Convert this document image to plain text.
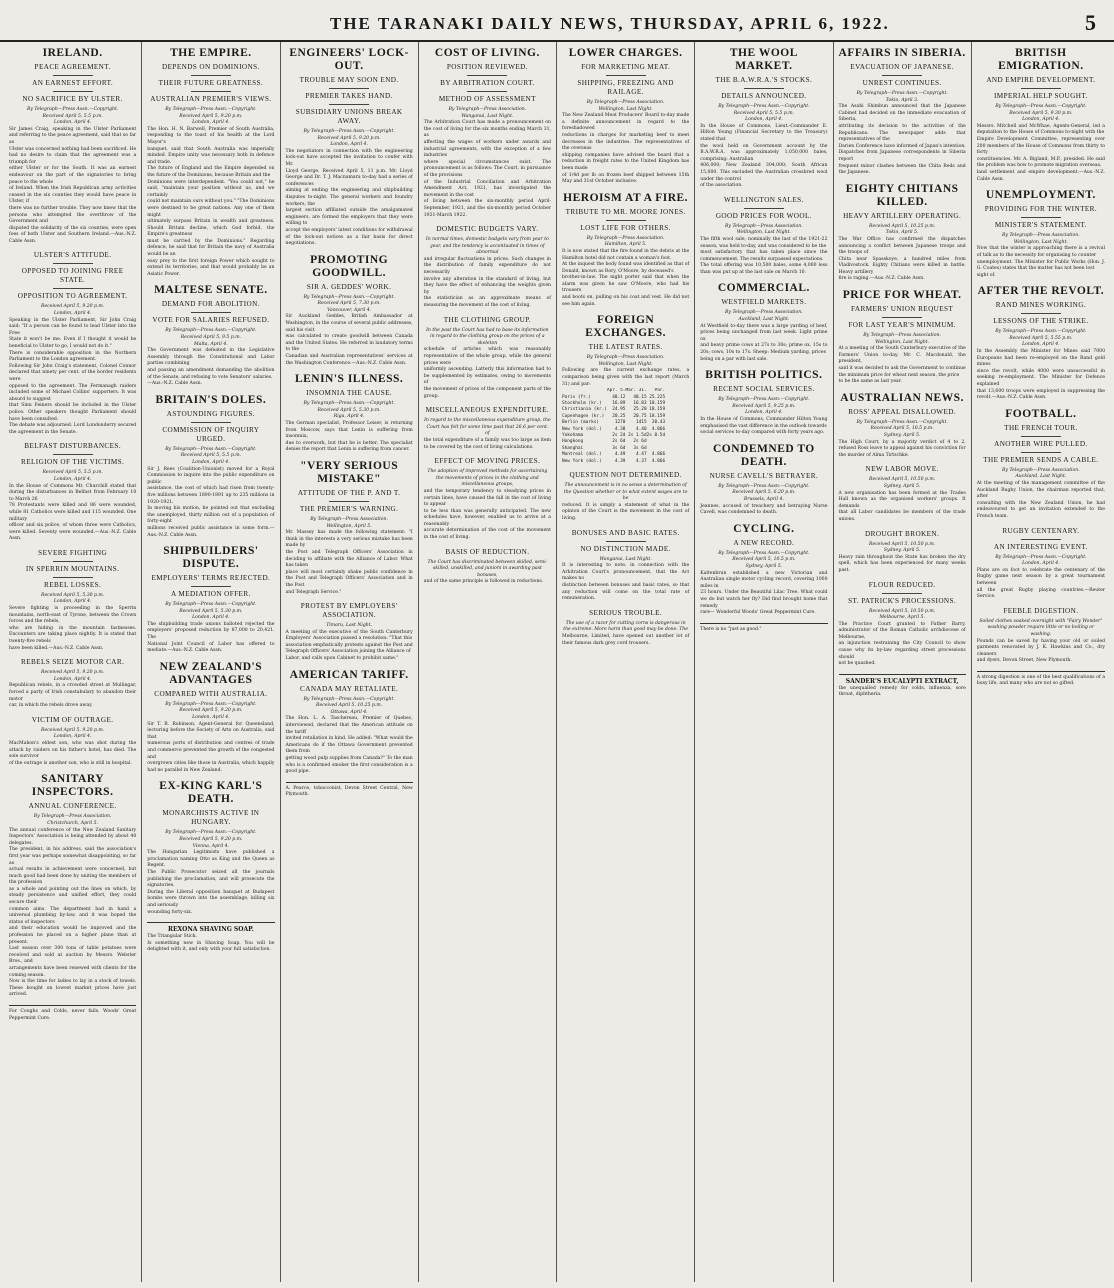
THE TARANAKI DAILY NEWS, THURSDAY, APRIL 6, 1922.	5
IRELAND.
PEACE AGREEMENT.
AN EARNEST EFFORT.
NO SACRIFICE BY ULSTER.
By Telegraph—Press Assn.—Copyright.
Received April 5, 5.5 p.m.
London, April 4.
Sir James Craig, speaking in the Ulster Parliament and referring to the peace agreement, said that so far as
Ulster was concerned nothing had been sacrificed. He had no desire to claim that the agreement was a triumph for
either Ulster or for the South. It was an earnest endeavour on the part of the signatories to bring peace to the whole
of Ireland. When the Irish Republican army activities ceased in the six counties they would have peace in Ulster, if
there was no further trouble. They now knew that the persons who attempted the overthrow of the Government and
disputed the solidarity of the six counties, were open foes of both Ulster and Southern Ireland.—Aus.-N.Z. Cable Assn.
ULSTER'S ATTITUDE.
OPPOSED TO JOINING FREE STATE.
OPPOSITION TO AGREEMENT.
Received April 5, 9.20 p.m.
London, April 4.
Speaking in the Ulster Parliament, Sir John Craig said: "If a person can be found to lead Ulster into the Free
State it won't be me. Even if I thought it would be beneficial to Ulster to go, I would not do it."
There is considerable opposition in the Northern Parliament to the London agreement.
Following Sir John Craig's statement, Colonel Connor declared that ninety per cent. of the border residents were
opposed to the agreement. The Fermanagh raiders included some of Michael Collins' supporters. It was absurd to suggest
that Sinn Feiners should be included in the Ulster police. Other speakers thought Parliament should have been consulted.
The debate was adjourned. Lord Londonderry secured the agreement in the Senate.
BELFAST DISTURBANCES.
RELIGION OF THE VICTIMS.
Received April 5, 5.5 p.m.
London, April 4.
In the House of Commons Mr. Churchill stated that during the disturbances in Belfast from February 10 to March 26
78 Protestants were killed and 86 were wounded, while 81 Catholics were killed and 115 wounded. One military
officer and six police, of whom three were Catholics, were killed. Seventy were wounded.—Aus.-N.Z. Cable Assn.
SEVERE FIGHTING
IN SPERRIN MOUNTAINS.
REBEL LOSSES.
Received April 5, 5.30 p.m.
London, April 4.
Severe fighting is proceeding in the Sperrin mountains, north-east of Tyrone, between the Crown forces and the rebels,
who are hiding in the mountain fastnesses. Encounters are taking place nightly. It is stated that twenty-five rebels
have been killed.—Aus.-N.Z. Cable Assn.
REBELS SEIZE MOTOR CAR.
Received April 5, 9.20 p.m.
London, April 4.
Republican rebels, in a crowded street at Mullingar, forced a party of Irish constabulary to abandon their motor
car, in which the rebels drove away.
VICTIM OF OUTRAGE.
Received April 5, 9.20 p.m.
London, April 4.
MacMahon's eldest son, who was shot during the attack by raiders on his father's hotel, has died. The sole survivor
of the outrage is another son, who is still in hospital.
SANITARY INSPECTORS.
ANNUAL CONFERENCE.
By Telegraph—Press Association.
Christchurch, April 5.
The annual conference of the New Zealand Sanitary Inspectors' Association is being attended by about 40 delegates.
The president, in his address, said the association's first year was perhaps somewhat disappointing, so far as
actual results in achievement were concerned, but much good had been done by uniting the members of the profession
as a whole and pointing out the lines on which, by steady persistence and unified effort, they could secure their
common aims. The department had in hand a universal plumbing by-law, and it was hoped the status of inspectors
and their education would be improved and the profession be placed on a higher plane than at present.
Last season over 300 tons of table potatoes were received and sold at auction by Messrs. Webster Bros., and
arrangements have been renewed with clients for the coming season.
Now is the time for ladies to lay in a stock of towels. These bought on lowest market prices have just arrived.
For Coughs and Colds, never fails. Woods' Great Peppermint Cure.
THE EMPIRE.
DEPENDS ON DOMINIONS.
THEIR FUTURE GREATNESS.
AUSTRALIAN PREMIER'S VIEWS.
By Telegraph—Press Assn.—Copyright.
Received April 5, 9.20 p.m.
London, April 4.
The Hon. H. N. Barwell, Premier of South Australia, responding to the toast of his health at the Lord Mayor's
banquet, said that South Australia was imperially minded. Empire unity was necessary both in defence and trade.
The future of England and the Empire depended on the future of the Dominions, because Britain and the
Dominions were interdependent. "You could not," he said, "maintain your position without us, and we certainly
could not maintain ours without you." "The Dominions were destined to be great nations. Any one of them might
ultimately surpass Britain in wealth and greatness. Should Britain decline, which God forbid, the Empire's greatness
must be carried by the Dominions." Regarding defence, he said that for Britain the navy of Australia would be an
easy prey to the first foreign Power which sought to extend its territories, and that would probably be an Asiatic Power.
MALTESE SENATE.
DEMAND FOR ABOLITION.
VOTE FOR SALARIES REFUSED.
By Telegraph—Press Assn.—Copyright.
Received April 5, 9.5 p.m.
Malta, April 4.
The Government was defeated in the Legislative Assembly through the Constitutional and Labor parties combining
and passing an amendment demanding the abolition of the Senate, and refusing to vote Senators' salaries.
—Aus.-N.Z. Cable Assn.
BRITAIN'S DOLES.
ASTOUNDING FIGURES.
COMMISSION OF INQUIRY URGED.
By Telegraph—Press Assn.—Copyright.
Received April 5, 5.5 p.m.
London, April 4.
Sir J. Rees (Coalition-Unionist) moved for a Royal Commission to inquire into the public expenditure on public
assistance, the cost of which had risen from twenty-five millions between 1890-1891 up to 235 millions in 1920-1921.
In moving his motion, he pointed out that excluding the unemployed, thirty million out of a population of forty-eight
millions received public assistance in some form.—Aus.-N.Z. Cable Assn.
SHIPBUILDERS' DISPUTE.
EMPLOYERS' TERMS REJECTED.
A MEDIATION OFFER.
By Telegraph—Press Assn.—Copyright.
Received April 5, 5.30 p.m.
London, April 4.
The shipbuilding trade unions balloted rejected the employers' proposed reduction by 87,000 to 20,421. The
National Joint Council of Labor has offered to mediate.—Aus.-N.Z. Cable Assn.
NEW ZEALAND'S ADVANTAGES
COMPARED WITH AUSTRALIA.
By Telegraph—Press Assn.—Copyright.
Received April 5, 9.20 p.m.
London, April 4.
Sir T. R. Robinson, Agent-General for Queensland, lecturing before the Society of Arts on Australia, said that
numerous ports of distribution and centres of trade and commerce prevented the growth of the congested and
overgrown cities like those in Australia, which happily had no parallel in New Zealand.
EX-KING KARL'S DEATH.
MONARCHISTS ACTIVE IN HUNGARY.
By Telegraph—Press Assn.—Copyright.
Received April 5, 9.20 p.m.
Vienna, April 4.
The Hungarian Legitimists have published a proclamation naming Otto as King and the Queen as Regent.
The Public Prosecutor seized all the journals publishing the proclamation, and will prosecute the signatories.
During the Liberal opposition banquet at Budapest bombs were thrown into the assemblage, killing six and seriously
wounding forty-six.
REXONA SHAVING SOAP.
The Triangular Stick.
Is something new in Shaving Soap. You will be delighted with it, and only with your full satisfaction.
ENGINEERS' LOCK-OUT.
TROUBLE MAY SOON END.
PREMIER TAKES HAND.
SUBSIDIARY UNIONS BREAK AWAY.
By Telegraph—Press Assn.—Copyright.
Received April 5, 9.20 p.m.
London, April 4.
The negotiators in connection with the engineering lock-out have accepted the invitation to confer with Mr.
Lloyd George. Received April 5, 11 p.m. Mr. Lloyd George and Dr. T. J. Macnamara to-day had a series of conferences
aiming at ending the engineering and shipbuilding disputes to-night. The general workers and foundry workers, the
largest section affiliated outside the amalgamated engineers, are formed the employers that they were willing to
accept the employers' latest conditions for withdrawal of the lock-out notices as a fair basis for direct negotiations.
PROMOTING GOODWILL.
SIR A. GEDDES' WORK.
By Telegraph—Press Assn.—Copyright.
Received April 5, 7.30 p.m.
Vancouver, April 4.
Sir Auckland Geddes, British Ambassador at Washington, in the course of several public addresses, said his visit
was calculated to create goodwill between Canada and the United States. He referred in laudatory terms to the
Canadian and Australian representatives' services at the Washington Conference.—Aus.-N.Z. Cable Assn.
LENIN'S ILLNESS.
INSOMNIA THE CAUSE.
By Telegraph—Press Assn.—Copyright.
Received April 5, 5.30 p.m.
Riga, April 4.
The German specialist, Professor Leiser, is returning from Moscow, says that Lenin is suffering from insomnia,
due to overwork, but that he is better. The specialist denies the report that Lenin is suffering from cancer.
"VERY SERIOUS MISTAKE"
ATTITUDE OF THE P. AND T.
THE PREMIER'S WARNING.
By Telegraph—Press Association.
Wellington, April 5.
Mr. Massey has made the following statement: "I think in the interests a very serious mistake has been made by
the Post and Telegraph Officers' Association in deciding to affiliate with the Alliance of Labor. What has taken
place will most certainly shake public confidence in the Post and Telegraph Officers' Association and in the Post
and Telegraph Service."
PROTEST BY EMPLOYERS' ASSOCIATION.
Timaru, Last Night.
A meeting of the executive of the South Canterbury Employers' Association passed a resolution: "That this
association emphatically protests against the Post and Telegraph Officers' Association joining the Alliance of
Labor, and calls upon Cabinet to prohibit same."
AMERICAN TARIFF.
CANADA MAY RETALIATE.
By Telegraph—Press Assn.—Copyright.
Received April 5, 10.25 p.m.
Ottawa, April 4.
The Hon. L. A. Taschereau, Premier of Quebec, interviewed, declared that the American attitude on the tariff
invited retaliation in kind. He added: "What would the Americans do if the Ottawa Government prevented them from
getting wood pulp supplies from Canada?" To the man who is a confirmed smoker the first consideration is a good pipe.
A. Pearce, tobacconist, Devon Street Central, New Plymouth.
COST OF LIVING.
POSITION REVIEWED.
BY ARBITRATION COURT.
METHOD OF ASSESSMENT
By Telegraph—Press Association.
Wanganui, Last Night.
The Arbitration Court has made a pronouncement on the cost of living for the six months ending March 31, as
affecting the wages of workers under awards and industrial agreements, with the exception of a few industries
where special circumstances exist. The pronouncement is as follows: The Court, in pursuance of the provisions
of the Industrial Conciliation and Arbitration Amendment Act, 1921, has investigated the movement in the cost
of living between the six-monthly period April-September, 1921, and the six-monthly period October 1921-March 1922.
DOMESTIC BUDGETS VARY.
In normal times, domestic budgets vary from year to year, and the tendency is accentuated in times of abnormal
and irregular fluctuations in prices. Such changes in the distribution of family expenditure do not necessarily
involve any alteration in the standard of living, but they have the effect of enhancing the weights given by
the statistician as an approximate means of measuring the movement of the cost of living.
THE CLOTHING GROUP.
In the past the Court has had to base its information in regard to the clothing group on the prices of a skeleton
schedule of articles which was reasonably representative of the whole group, while the general prices were
uniformly ascending. Latterly this information had to be supplemented by estimates, owing to movements of
the movement of prices of the component parts of the group.
MISCELLANEOUS EXPENDITURE.
In regard to the miscellaneous expenditure group, the Court has felt for some time past that 26.6 per cent. of
the total expenditure of a family was too large as item to be covered by the cost of living calculations.
EFFECT OF MOVING PRICES.
The adoption of improved methods for ascertaining the movements of prices in the clothing and miscellaneous groups,
and the temporary tendency to steadying prices in certain lines, have caused the fall in the cost of living to appear
to be less than was generally anticipated. The new schedules have, however, enabled us to arrive at a reasonably
accurate determination of the cost of the movement in the cost of living.
BASIS OF REDUCTION.
The Court has discriminated between skilled, semi-skilled, unskilled, and juniors in awarding past bonuses,
and of the same principle is followed in reductions.
LOWER CHARGES.
FOR MARKETING MEAT.
SHIPPING, FREEZING AND RAILAGE.
By Telegraph—Press Association.
Wellington, Last Night.
The New Zealand Meat Producers' Board to-day made a definite announcement in regard to the foreshadowed
reductions in charges for marketing beef to meet decreases in the industries. The representatives of the overseas
shipping companies have advised the board that a reduction in freight rates to the United Kingdom has been made
of 1/4d per lb on frozen beef shipped between 15th May and 31st October inclusive.
HEROISM AT A FIRE.
TRIBUTE TO MR. MOORE JONES.
LOST LIFE FOR OTHERS.
By Telegraph—Press Association.
Hamilton, April 5.
It is now stated that the fire found in the debris at the Hamilton hotel did not contain a woman's foot.
At the inquest the body found was identified as that of Donald, known as Rory, O'Moore, by deceased's
brother-in-law. The night porter said that when the alarm was given he saw O'Moore, who had his trousers
and boots on, pulling on his coat and vest. He did not see him again.
FOREIGN EXCHANGES.
THE LATEST RATES.
By Telegraph—Press Association.
Wellington, Last Night.
Following are the current exchange rates, a comparison being given with the last report (March 31) and par:
Apr. 5.Mar. 31.   Par.
Paris (fr.)        48.12   48.15 25.225
Stockholm (kr.)    16.89   16.83 18.159
Christiania (kr.)  24.95   25.20 18.159
Copenhagen (kr.)   20.25   20.75 18.159
Berlin (marks)      1270    1415  20.43
New York (dol.)     4.38    4.40  4.866
Yokohama           2s 2d 2s 1.5d2s 0.5d
Hongkong           2s 6d   2s 6d
Shanghai           3s 6d   3s 6d
Montreal (dol.)     4.49    4.47  4.866
New York (dol.)     4.39    4.37  4.866
QUESTION NOT DETERMINED.
The announcement is in no sense a determination of the Question whether or to what extent wages are to be
reduced. It is simply a statement of what in the opinion of the Court is the movement in the cost of living.
BONUSES AND BASIC RATES.
NO DISTINCTION MADE.
Wanganui, Last Night.
It is interesting to note, in connection with the Arbitration Court's pronouncement, that the Act makes no
distinction between bonuses and basic rates, so that any reduction will come on the total rate of remuneration.
SERIOUS TROUBLE.
The use of a razor for cutting corns is dangerous in the extreme. More harm than good may be done. The
Melbourne, Limited, have opened out another lot of their famous dark grey cord trousers.
THE WOOL MARKET.
THE B.A.W.R.A.'S STOCKS.
DETAILS ANNOUNCED.
By Telegraph—Press Assn.—Copyright.
Received April 5, 5.5 p.m.
London, April 4.
In the House of Commons, Lieut.-Commander E. Hilton Young (Financial Secretary to the Treasury) stated that
the wool held on Government account by the B.A.W.R.A. was approximately 1,050,000 bales, comprising: Australian
406,000; New Zealand 304,000; South African 15,000. This excluded the Australian crossbred wool under the control
of the association.
WELLINGTON SALES.
GOOD PRICES FOR WOOL.
By Telegraph—Press Association.
Wellington, Last Night.
The fifth wool sale, nominally the last of the 1921-22 season, was held to-day, and was considered to be the
most satisfactory that has taken place since the commencement. The results surpassed expectations.
The total offering was 10,500 bales, some 4,000 less than was put up at the last sale on March 10.
COMMERCIAL.
WESTFIELD MARKETS.
By Telegraph—Press Association.
Auckland, Last Night.
At Westfield to-day there was a large yarding of beef, prices being unchanged from last week. Light prime ox
and heavy prime cows at 27s to 30s; prime ox, 15s to 20s; cows, 10s to 17s. Sheep: Medium yarding, prices
being on a par with last sale.
BRITISH POLITICS.
RECENT SOCIAL SERVICES.
By Telegraph—Press Assn.—Copyright.
Received April 5, 9.25 p.m.
London, April 4.
In the House of Commons, Commander Hilton Young emphasised the vast difference in the outlook towards
social services to-day compared with forty years ago.
CONDEMNED TO DEATH.
NURSE CAVELL'S BETRAYER.
By Telegraph—Press Assn.—Copyright.
Received April 5, 6.20 p.m.
Brussels, April 4.
Jeannes, accused of treachery and betraying Nurse Cavell, was condemned to death.
CYCLING.
A NEW RECORD.
By Telegraph—Press Assn.—Copyright.
Received April 5, 10.5 p.m.
Sydney, April 5.
Kaltenbrun established a new Victorian and Australian single motor cycling record, covering 1000 miles in
23 hours. Under the Beautiful Lilac Tree. What could we do but watch her fly? Did find brought home that remedy
rare— Wonderful Woods' Great Peppermint Cure.
There is no "just as good."
AFFAIRS IN SIBERIA.
EVACUATION OF JAPANESE.
UNREST CONTINUES.
By Telegraph—Press Assn.—Copyright.
Tokio, April 3.
The Asahi Shimbun announced that the Japanese Cabinet had decided on the immediate evacuation of Siberia,
attributing its decision to the activities of the Republicans. The newspaper adds that representatives of the
Darien Conference have informed of Japan's intention. Dispatches from Japanese correspondents in Siberia report
frequent minor clashes between the Chita Reds and the Japanese.
EIGHTY CHITIANS KILLED.
HEAVY ARTILLERY OPERATING.
Received April 5, 10.25 p.m.
Tokio, April 5.
The War Office has confirmed the dispatches announcing a conflict between Japanese troops and the troops of
Chita near Spasskoye, a hundred miles from Vladivostock. Eighty Chitians were killed in battle. Heavy artillery
fire is raging.—Aus.-N.Z. Cable Assn.
PRICE FOR WHEAT.
FARMERS' UNION REQUEST
FOR LAST YEAR'S MINIMUM.
By Telegraph—Press Association.
Wellington, Last Night.
At a meeting of the South Canterbury executive of the Farmers' Union to-day, Mr. C. Macdonald, the president,
said it was decided to ask the Government to continue the minimum price for wheat next season, the price
to be the same as last year.
AUSTRALIAN NEWS.
ROSS' APPEAL DISALLOWED.
By Telegraph—Press Assn.—Copyright.
Received April 5, 10.5 p.m.
Sydney, April 5.
The High Court, by a majority verdict of 4 to 2, refused Ross leave to appeal against his conviction for
the murder of Alma Tirtschke.
NEW LABOR MOVE.
Received April 5, 10.50 p.m.
Sydney, April 5.
A new organisation has been formed at the Trades Hall known as the organised workers' groups. It demands
that all Labor candidates be members of the trade unions.
DROUGHT BROKEN.
Received April 5, 10.50 p.m.
Sydney, April 5.
Heavy rain throughout the State has broken the dry spell, which has been experienced for many weeks past.
FLOUR REDUCED.
ST. PATRICK'S PROCESSIONS.
Received April 5, 10.50 p.m.
Melbourne, April 5.
The Practice Court granted to Father Barry, administrator of the Roman Catholic archdiocese of Melbourne,
an injunction restraining the City Council to show cause why its by-law regarding street processions should
not be quashed.
SANDER'S EUCALYPTI EXTRACT,
the unequalled remedy for colds, influenza, sore throat, diphtheria.
BRITISH EMIGRATION.
AND EMPIRE DEVELOPMENT.
IMPERIAL HELP SOUGHT.
By Telegraph—Press Assn.—Copyright.
Received April 5, 9.30 p.m.
London, April 4.
Messrs. Mitchell and McWhae, Agents-General, led a deputation to the House of Commons to-night with the
Empire Development Committee, representing over 200 members of the House of Commons from thirty to forty
constituencies. Mr. A. Bigland, M.P., presided. He said the problem was how to promote migration overseas,
land settlement and empire development.—Aus.-N.Z. Cable Assn.
UNEMPLOYMENT.
PROVIDING FOR THE WINTER.
MINISTER'S STATEMENT.
By Telegraph—Press Association.
Wellington, Last Night.
Now that the winter is approaching there is a revival of talk as to the necessity for organising to counter
unemployment. The Minister for Public Works (Hon. J. G. Coates) states that the matter has not been lost
sight of.
AFTER THE REVOLT.
RAND MINES WORKING.
LESSONS OF THE STRIKE.
By Telegraph—Press Assn.—Copyright.
Received April 5, 5.55 p.m.
London, April 4.
In the Assembly the Minister for Mines said 7000 Europeans had been re-employed on the Rand gold mines
since the revolt, while 4000 were unsuccessful in seeking re-employment. The Minister for Defence explained
that 13,600 troops were employed in suppressing the revolt.—Aus.-N.Z. Cable Assn.
FOOTBALL.
THE FRENCH TOUR.
ANOTHER WIRE PULLED.
THE PREMIER SENDS A CABLE.
By Telegraph—Press Association.
Auckland, Last Night.
At the meeting of the management committee of the Auckland Rugby Union, the chairman reported that, after
consulting with the New Zealand Union, he had endeavoured to get an invitation extended to the French team.
RUGBY CENTENARY.
AN INTERESTING EVENT.
By Telegraph—Press Assn.—Copyright.
London, April 4.
Plans are on foot to celebrate the centenary of the Rugby game next season by a great tournament between
all the great Rugby playing countries.—Reuter Service.
FEEBLE DIGESTION.
Soiled clothes soaked overnight with "Fairy Wonder" washing powder require little or no boiling or washing.
Pounds can be saved by having your old or soiled garments renovated by J. K. Hawkins and Co., dry cleaners
and dyers, Devon Street, New Plymouth.
A strong digestion is one of the best qualifications of a busy life, and many who are not so gifted.
